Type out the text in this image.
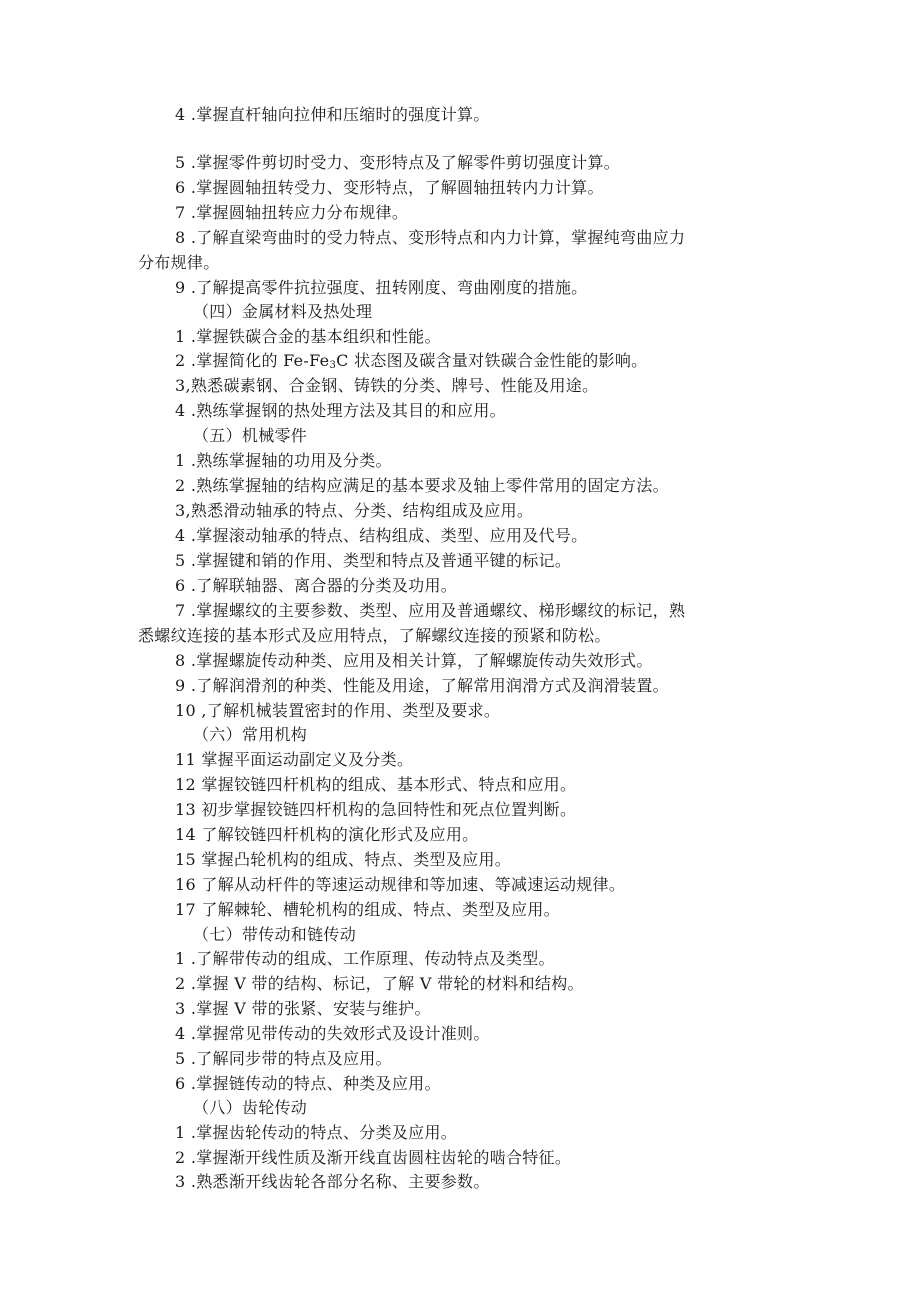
4 .掌握直杆轴向拉伸和压缩时的强度计算。
5 .掌握零件剪切时受力、变形特点及了解零件剪切强度计算。
6 .掌握圆轴扭转受力、变形特点，了解圆轴扭转内力计算。
7 .掌握圆轴扭转应力分布规律。
8 .了解直梁弯曲时的受力特点、变形特点和内力计算，掌握纯弯曲应力
分布规律。
9 .了解提高零件抗拉强度、扭转刚度、弯曲刚度的措施。
（四）金属材料及热处理
1 .掌握铁碳合金的基本组织和性能。
2 .掌握简化的 $Fe-Fe_3C$ 状态图及碳含量对铁碳合金性能的影响。
3,熟悉碳素钢、合金钢、铸铁的分类、牌号、性能及用途。
4 .熟练掌握钢的热处理方法及其目的和应用。
（五）机械零件
1 .熟练掌握轴的功用及分类。
2 .熟练掌握轴的结构应满足的基本要求及轴上零件常用的固定方法。
3,熟悉滑动轴承的特点、分类、结构组成及应用。
4 .掌握滚动轴承的特点、结构组成、类型、应用及代号。
5 .掌握键和销的作用、类型和特点及普通平键的标记。
6 .了解联轴器、离合器的分类及功用。
7 .掌握螺纹的主要参数、类型、应用及普通螺纹、梯形螺纹的标记，熟
悉螺纹连接的基本形式及应用特点，了解螺纹连接的预紧和防松。
8 .掌握螺旋传动种类、应用及相关计算，了解螺旋传动失效形式。
9 .了解润滑剂的种类、性能及用途，了解常用润滑方式及润滑装置。
10 ,了解机械装置密封的作用、类型及要求。
（六）常用机构
11 掌握平面运动副定义及分类。
12 掌握铰链四杆机构的组成、基本形式、特点和应用。
13 初步掌握铰链四杆机构的急回特性和死点位置判断。
14 了解铰链四杆机构的演化形式及应用。
15 掌握凸轮机构的组成、特点、类型及应用。
16 了解从动杆件的等速运动规律和等加速、等减速运动规律。
17 了解棘轮、槽轮机构的组成、特点、类型及应用。
（七）带传动和链传动
1 .了解带传动的组成、工作原理、传动特点及类型。
2 .掌握 V 带的结构、标记，了解 V 带轮的材料和结构。
3 .掌握 V 带的张紧、安装与维护。
4 .掌握常见带传动的失效形式及设计准则。
5 .了解同步带的特点及应用。
6 .掌握链传动的特点、种类及应用。
（八）齿轮传动
1 .掌握齿轮传动的特点、分类及应用。
2 .掌握渐开线性质及渐开线直齿圆柱齿轮的啮合特征。
3 .熟悉渐开线齿轮各部分名称、主要参数。
